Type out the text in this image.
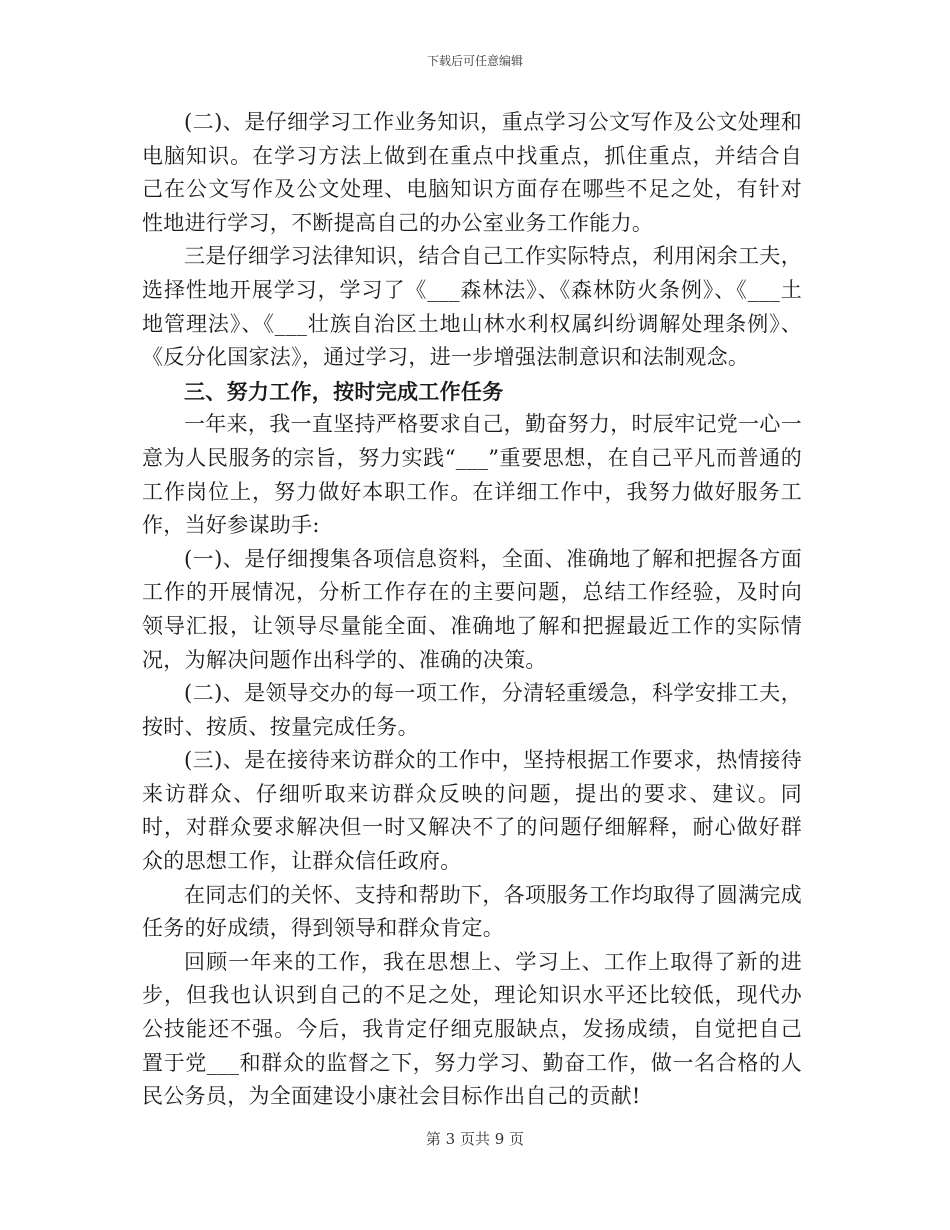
下载后可任意编辑

(二)、是仔细学习工作业务知识，重点学习公文写作及公文处理和电脑知识。在学习方法上做到在重点中找重点，抓住重点，并结合自己在公文写作及公文处理、电脑知识方面存在哪些不足之处，有针对性地进行学习，不断提高自己的办公室业务工作能力。

三是仔细学习法律知识，结合自己工作实际特点，利用闲余工夫，选择性地开展学习，学习了《___森林法》、《森林防火条例》、《___土地管理法》、《___壮族自治区土地山林水利权属纠纷调解处理条例》、《反分化国家法》，通过学习，进一步增强法制意识和法制观念。

三、努力工作，按时完成工作任务

一年来，我一直坚持严格要求自己，勤奋努力，时辰牢记党一心一意为人民服务的宗旨，努力实践“___”重要思想，在自己平凡而普通的工作岗位上，努力做好本职工作。在详细工作中，我努力做好服务工作，当好参谋助手:

(一)、是仔细搜集各项信息资料，全面、准确地了解和把握各方面工作的开展情况，分析工作存在的主要问题，总结工作经验，及时向领导汇报，让领导尽量能全面、准确地了解和把握最近工作的实际情况，为解决问题作出科学的、准确的决策。

(二)、是领导交办的每一项工作，分清轻重缓急，科学安排工夫，按时、按质、按量完成任务。

(三)、是在接待来访群众的工作中，坚持根据工作要求，热情接待来访群众、仔细听取来访群众反映的问题，提出的要求、建议。同时，对群众要求解决但一时又解决不了的问题仔细解释，耐心做好群众的思想工作，让群众信任政府。

在同志们的关怀、支持和帮助下，各项服务工作均取得了圆满完成任务的好成绩，得到领导和群众肯定。

回顾一年来的工作，我在思想上、学习上、工作上取得了新的进步，但我也认识到自己的不足之处，理论知识水平还比较低，现代办公技能还不强。今后，我肯定仔细克服缺点，发扬成绩，自觉把自己置于党___和群众的监督之下，努力学习、勤奋工作，做一名合格的人民公务员，为全面建设小康社会目标作出自己的贡献!

第 3 页共 9 页
